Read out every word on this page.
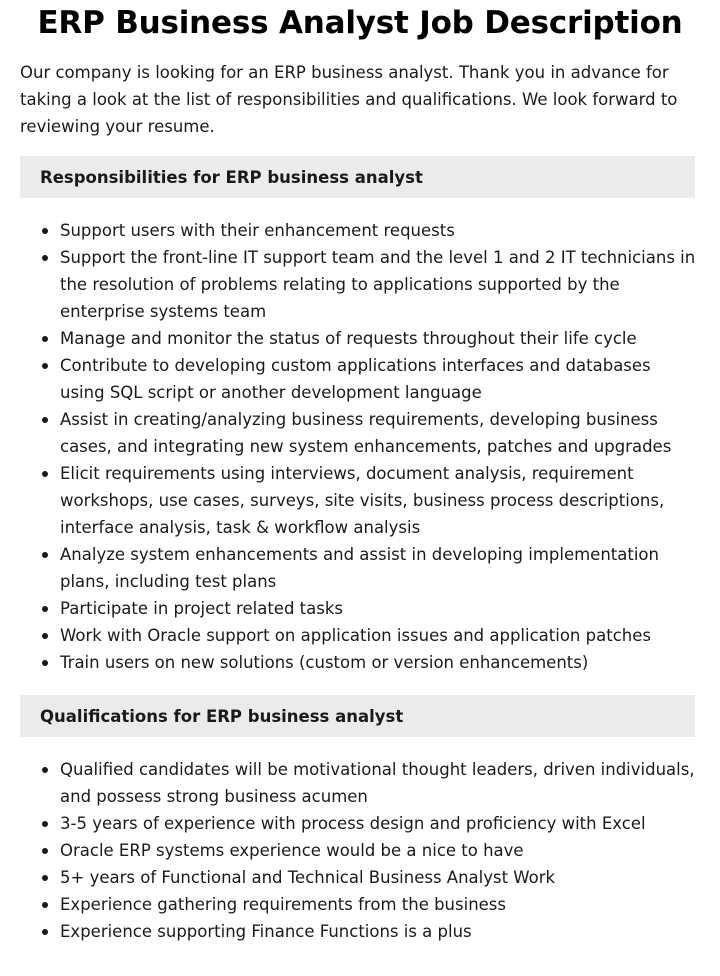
ERP Business Analyst Job Description

Our company is looking for an ERP business analyst. Thank you in advance for taking a look at the list of responsibilities and qualifications. We look forward to reviewing your resume.

Responsibilities for ERP business analyst
Support users with their enhancement requests
Support the front-line IT support team and the level 1 and 2 IT technicians in the resolution of problems relating to applications supported by the enterprise systems team
Manage and monitor the status of requests throughout their life cycle
Contribute to developing custom applications interfaces and databases using SQL script or another development language
Assist in creating/analyzing business requirements, developing business cases, and integrating new system enhancements, patches and upgrades
Elicit requirements using interviews, document analysis, requirement workshops, use cases, surveys, site visits, business process descriptions, interface analysis, task & workflow analysis
Analyze system enhancements and assist in developing implementation plans, including test plans
Participate in project related tasks
Work with Oracle support on application issues and application patches
Train users on new solutions (custom or version enhancements)
Qualifications for ERP business analyst
Qualified candidates will be motivational thought leaders, driven individuals, and possess strong business acumen
3-5 years of experience with process design and proficiency with Excel
Oracle ERP systems experience would be a nice to have
5+ years of Functional and Technical Business Analyst Work
Experience gathering requirements from the business
Experience supporting Finance Functions is a plus
